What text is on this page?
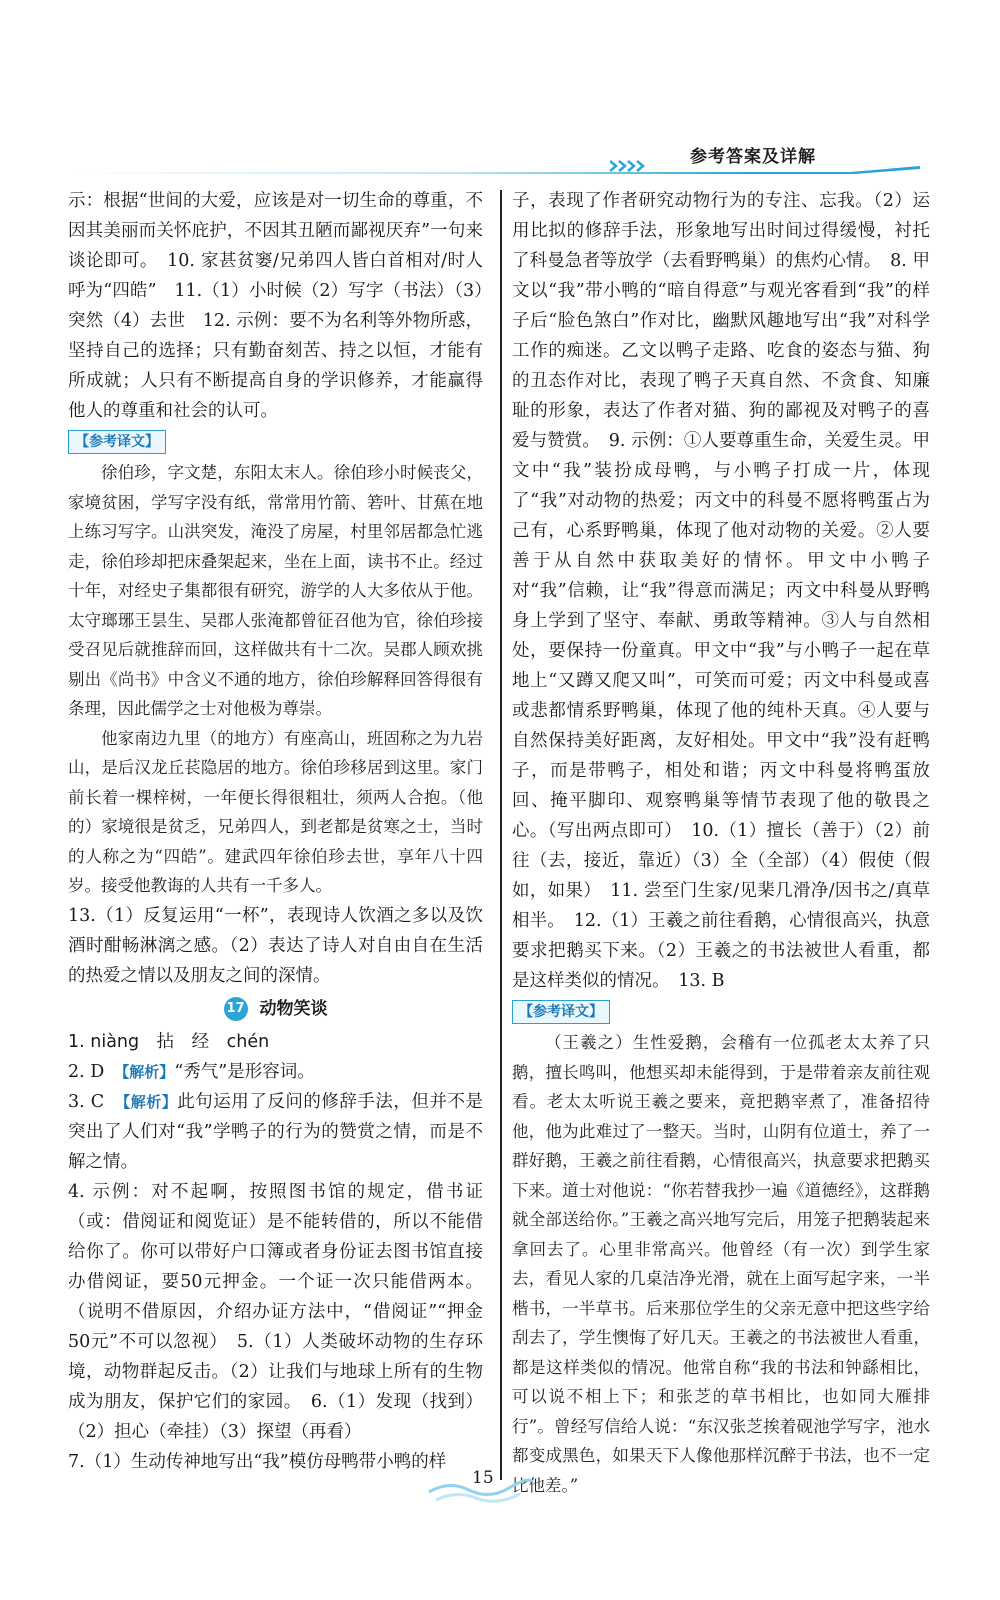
参考答案及详解

示：根据“世间的大爱，应该是对一切生命的尊重，不因其美丽而关怀庇护，不因其丑陋而鄙视厌弃”一句来谈论即可。　10. 家甚贫窭/兄弟四人皆白首相对/时人呼为“四皓”　11.（1）小时候（2）写字（书法）（3）突然（4）去世　12. 示例：要不为名利等外物所惑，坚持自己的选择；只有勤奋刻苦、持之以恒，才能有所成就；人只有不断提高自身的学识修养，才能赢得他人的尊重和社会的认可。

【参考译文】

徐伯珍，字文楚，东阳太末人。徐伯珍小时候丧父，家境贫困，学写字没有纸，常常用竹箭、箬叶、甘蕉在地上练习写字。山洪突发，淹没了房屋，村里邻居都急忙逃走，徐伯珍却把床叠架起来，坐在上面，读书不止。经过十年，对经史子集都很有研究，游学的人大多依从于他。太守瑯琊王昙生、吴郡人张淹都曾征召他为官，徐伯珍接受召见后就推辞而回，这样做共有十二次。吴郡人顾欢挑剔出《尚书》中含义不通的地方，徐伯珍解释回答得很有条理，因此儒学之士对他极为尊崇。

他家南边九里（的地方）有座高山，班固称之为九岩山，是后汉龙丘苌隐居的地方。徐伯珍移居到这里。家门前长着一棵梓树，一年便长得很粗壮，须两人合抱。（他的）家境很是贫乏，兄弟四人，到老都是贫寒之士，当时的人称之为“四皓”。建武四年徐伯珍去世，享年八十四岁。接受他教诲的人共有一千多人。

13.（1）反复运用“一杯”，表现诗人饮酒之多以及饮酒时酣畅淋漓之感。（2）表达了诗人对自由自在生活的热爱之情以及朋友之间的深情。

17 动物笑谈

1. niàng　拈　经　chén

2. D　【解析】“秀气”是形容词。

3. C　【解析】此句运用了反问的修辞手法，但并不是突出了人们对“我”学鸭子的行为的赞赏之情，而是不解之情。

4. 示例：对不起啊，按照图书馆的规定，借书证（或：借阅证和阅览证）是不能转借的，所以不能借给你了。你可以带好户口簿或者身份证去图书馆直接办借阅证，要50元押金。一个证一次只能借两本。（说明不借原因，介绍办证方法中，“借阅证”“押金50元”不可以忽视）　5.（1）人类破坏动物的生存环境，动物群起反击。（2）让我们与地球上所有的生物成为朋友，保护它们的家园。　6.（1）发现（找到）（2）担心（牵挂）（3）探望（再看）

7.（1）生动传神地写出“我”模仿母鸭带小鸭的样

子，表现了作者研究动物行为的专注、忘我。（2）运用比拟的修辞手法，形象地写出时间过得缓慢，衬托了科曼急者等放学（去看野鸭巢）的焦灼心情。　8. 甲文以“我”带小鸭的“暗自得意”与观光客看到“我”的样子后“脸色煞白”作对比，幽默风趣地写出“我”对科学工作的痴迷。乙文以鸭子走路、吃食的姿态与猫、狗的丑态作对比，表现了鸭子天真自然、不贪食、知廉耻的形象，表达了作者对猫、狗的鄙视及对鸭子的喜爱与赞赏。　9. 示例：①人要尊重生命，关爱生灵。甲文中“我”装扮成母鸭，与小鸭子打成一片，体现了“我”对动物的热爱；丙文中的科曼不愿将鸭蛋占为己有，心系野鸭巢，体现了他对动物的关爱。②人要善于从自然中获取美好的情怀。甲文中小鸭子对“我”信赖，让“我”得意而满足；丙文中科曼从野鸭身上学到了坚守、奉献、勇敢等精神。③人与自然相处，要保持一份童真。甲文中“我”与小鸭子一起在草地上“又蹲又爬又叫”，可笑而可爱；丙文中科曼或喜或悲都情系野鸭巢，体现了他的纯朴天真。④人要与自然保持美好距离，友好相处。甲文中“我”没有赶鸭子，而是带鸭子，相处和谐；丙文中科曼将鸭蛋放回、掩平脚印、观察鸭巢等情节表现了他的敬畏之心。（写出两点即可）　10.（1）擅长（善于）（2）前往（去，接近，靠近）（3）全（全部）（4）假使（假如，如果）　11. 尝至门生家/见棐几滑净/因书之/真草相半。　12.（1）王羲之前往看鹅，心情很高兴，执意要求把鹅买下来。（2）王羲之的书法被世人看重，都是这样类似的情况。　13. B

【参考译文】

（王羲之）生性爱鹅，会稽有一位孤老太太养了只鹅，擅长鸣叫，他想买却未能得到，于是带着亲友前往观看。老太太听说王羲之要来，竟把鹅宰煮了，准备招待他，他为此难过了一整天。当时，山阴有位道士，养了一群好鹅，王羲之前往看鹅，心情很高兴，执意要求把鹅买下来。道士对他说：“你若替我抄一遍《道德经》，这群鹅就全部送给你。”王羲之高兴地写完后，用笼子把鹅装起来拿回去了。心里非常高兴。他曾经（有一次）到学生家去，看见人家的几桌洁净光滑，就在上面写起字来，一半楷书，一半草书。后来那位学生的父亲无意中把这些字给刮去了，学生懊悔了好几天。王羲之的书法被世人看重，都是这样类似的情况。他常自称“我的书法和钟繇相比，可以说不相上下；和张芝的草书相比，也如同大雁排行”。曾经写信给人说：“东汉张芝挨着砚池学写字，池水都变成黑色，如果天下人像他那样沉醉于书法，也不一定比他差。”

15
